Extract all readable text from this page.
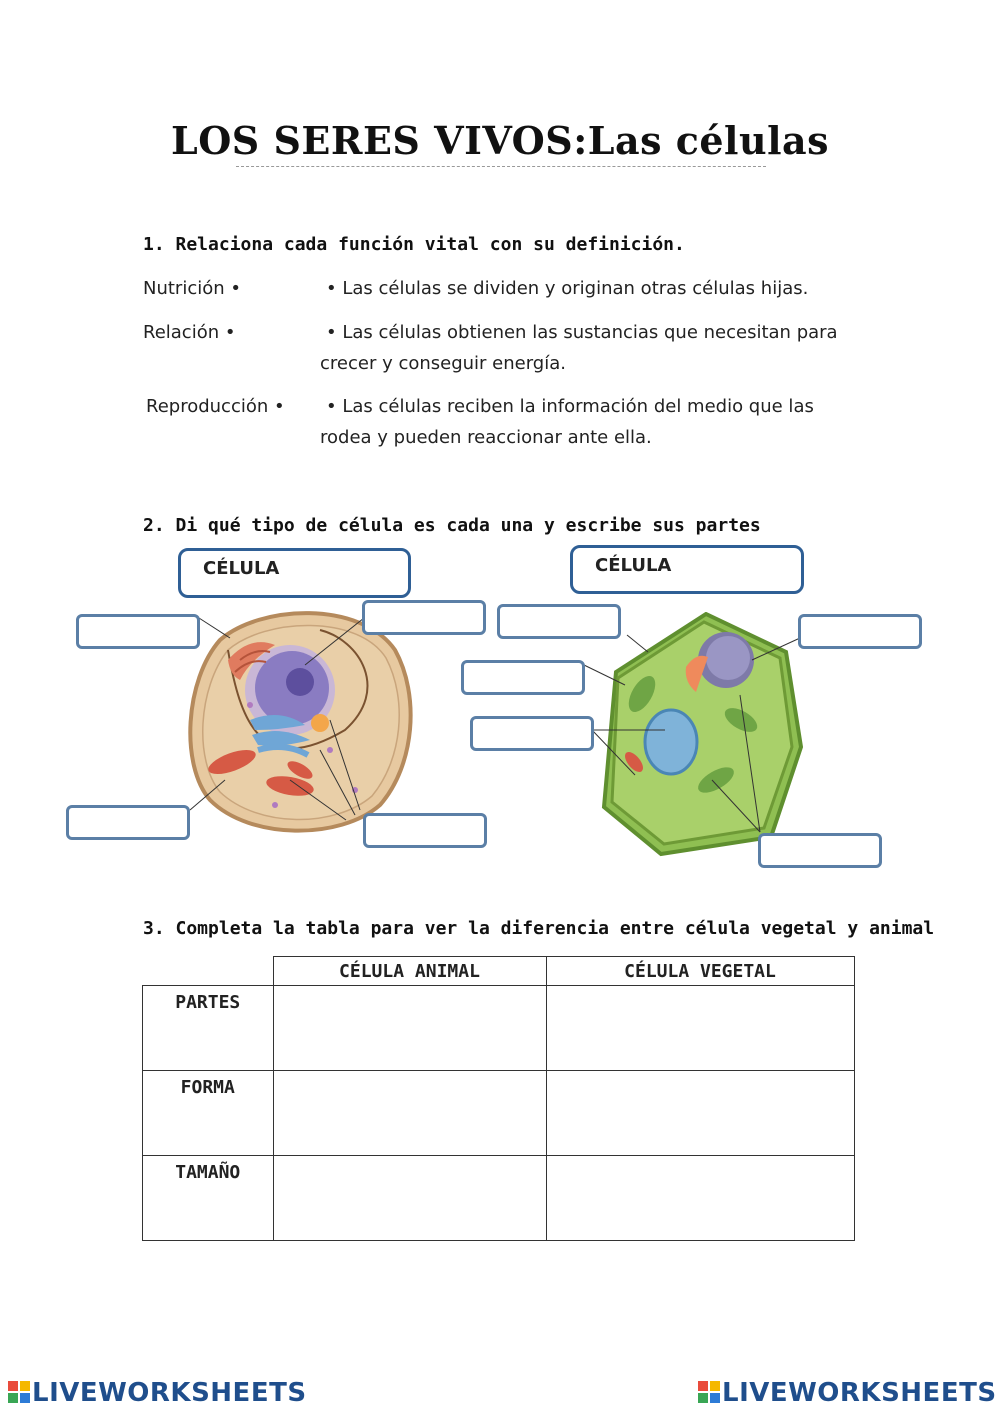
LOS SERES VIVOS:Las células
1. Relaciona cada función vital con su definición.
Nutrición •
Relación •
Reproducción •
• Las células se dividen y originan otras células hijas.
• Las células obtienen las sustancias que necesitan para
crecer y conseguir energía.
• Las células reciben la información del medio que las
rodea y pueden reaccionar ante ella.
2. Di qué tipo de célula es cada una y escribe sus partes
CÉLULA	CÉLULA
3. Completa la tabla para ver la diferencia entre célula vegetal y animal
	CÉLULA ANIMAL	CÉLULA VEGETAL
PARTES		
FORMA		
TAMAÑO		
LIVEWORKSHEETS	LIVEWORKSHEETS
